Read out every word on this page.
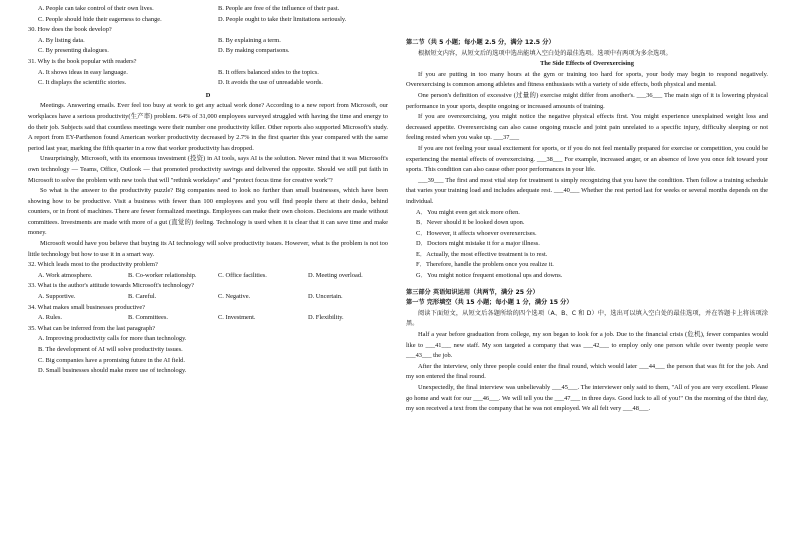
A. People can take control of their own lives.	B. People are free of the influence of their past.
C. People should hide their eagerness to change.	D. People ought to take their limitations seriously.
30. How does the book develop?
A. By listing data.	B. By explaining a term.
C. By presenting dialogues.	D. By making comparisons.
31. Why is the book popular with readers?
A. It shows ideas in easy language.	B. It offers balanced sides to the topics.
C. It displays the scientific stories.	D. It avoids the use of unreadable words.
D

Meetings. Answering emails. Ever feel too busy at work to get any actual work done? According to a new report from Microsoft, our workplaces have a serious productivity(生产率) problem. 64% of 31,000 employees surveyed struggled with having the time and energy to do their job. Subjects said that countless meetings were their number one productivity killer. Other reports also supported Microsoft's study. A report from EY-Parthenon found American worker productivity decreased by 2.7% in the first quarter this year compared with the same period last year, marking the fifth quarter in a row that worker productivity has dropped.

Unsurprisingly, Microsoft, with its enormous investment (投资) in AI tools, says AI is the solution. Never mind that it was Microsoft's own technology — Teams, Office, Outlook — that promoted productivity savings and delivered the opposite. Should we still put faith in Microsoft to solve the problem with new tools that will "rethink workdays" and "protect focus time for creative work"?

So what is the answer to the productivity puzzle? Big companies need to look no further than small businesses, which have been showing how to be productive. Visit a business with fewer than 100 employees and you will find people there at their desks, behind counters, or in front of machines. There are fewer formalized meetings. Employees can make their own choices. Decisions are made without committees. Investments are made with more of a gut (直觉的) feeling. Technology is used when it is clear that it can save time and make money.

Microsoft would have you believe that buying its AI technology will solve productivity issues. However, what is the problem is not too little technology but how to use it in a smart way.

32. Which leads most to the productivity problem?
A. Work atmosphere.	B. Co-worker relationship.	C. Office facilities.	D. Meeting overload.
33. What is the author's attitude towards Microsoft's technology?
A. Supportive.	B. Careful.	C. Negative.	D. Uncertain.
34. What makes small businesses productive?
A. Rules.	B. Committees.	C. Investment.	D. Flexibility.
35. What can be inferred from the last paragraph?
A. Improving productivity calls for more than technology.
B. The development of AI will solve productivity issues.
C. Big companies have a promising future in the AI field.
D. Small businesses should make more use of technology.
第二节（共 5 小题；每小题 2.5 分，满分 12.5 分）

根据短文内容，从短文后的选项中选出能填入空白处的最佳选项。选项中有两项为多余选项。

The Side Effects of Overexercising

If you are putting in too many hours at the gym or training too hard for sports, your body may begin to respond negatively. Overexercising is common among athletes and fitness enthusiasts with a variety of side effects, both physical and mental.

One person's definition of excessive (过量的) exercise might differ from another's. ___36___ The main sign of it is lowering physical performance in your sports, despite ongoing or increased amounts of training.

If you are overexercising, you might notice the negative physical effects first. You might experience unexplained weight loss and decreased appetite. Overexercising can also cause ongoing muscle and joint pain unrelated to a specific injury, difficulty sleeping or not feeling rested when you wake up. ___37___

If you are not feeling your usual excitement for sports, or if you do not feel mentally prepared for exercise or competition, you could be experiencing the mental effects of overexercising. ___38___ For example, increased anger, or an absence of love you once felt toward your sports. This condition can also cause other poor performances in your life.

___39___ The first and most vital step for treatment is simply recognizing that you have the condition. Then follow a training schedule that varies your training load and includes adequate rest. ___40___ Whether the rest period last for weeks or several months depends on the individual.

A．You might even get sick more often.
B．Never should it be looked down upon.
C．However, it affects whoever overexercises.
D．Doctors might mistake it for a major illness.
E．Actually, the most effective treatment is to rest.
F．Therefore, handle the problem once you realize it.
G．You might notice frequent emotional ups and downs.
第三部分 英语知识运用（共两节，满分 25 分）
第一节 完形填空（共 15 小题；每小题 1 分，满分 15 分）

阅读下面短文，从短文后各题所给的四个选项（A、B、C 和 D）中，选出可以填入空白处的最佳选项，并在答题卡上将该项涂黑。

Half a year before graduation from college, my son began to look for a job. Due to the financial crisis (危机), fewer companies would like to ___41___ new staff. My son targeted a company that was ___42___ to employ only one person while over twenty people were ___43___ the job.

After the interview, only three people could enter the final round, which would later ___44___ the person that was fit for the job. And my son entered the final round.

Unexpectedly, the final interview was unbelievably ___45___. The interviewer only said to them, "All of you are very excellent. Please go home and wait for our ___46___. We will tell you the ___47___ in three days. Good luck to all of you!" On the morning of the third day, my son received a text from the company that he was not employed. We all felt very ___48___.
